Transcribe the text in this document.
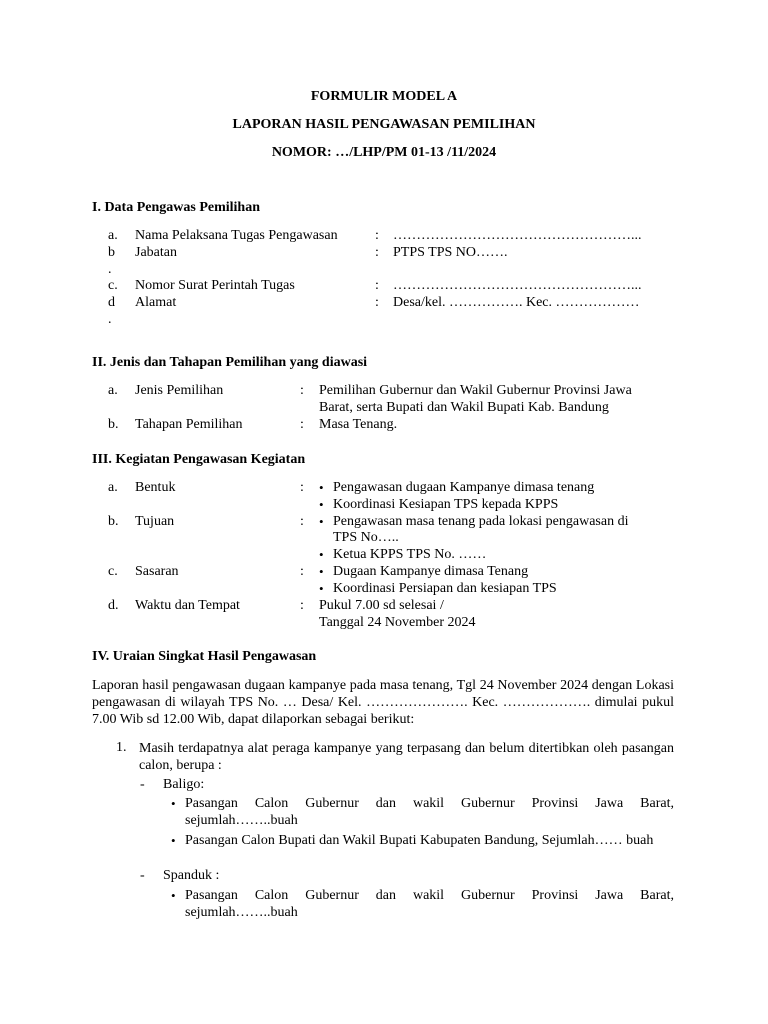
FORMULIR MODEL A
LAPORAN HASIL PENGAWASAN PEMILIHAN
NOMOR: …/LHP/PM 01-13 /11/2024
I. Data Pengawas Pemilihan
a. Nama Pelaksana Tugas Pengawasan	: ……………………………………………...
b Jabatan	: PTPS TPS NO…….
.
c. Nomor Surat Perintah Tugas	: ……………………………………………...
d Alamat	: Desa/kel. ……………. Kec. ………………
.
II. Jenis dan Tahapan Pemilihan yang diawasi
a. Jenis Pemilihan	: Pemilihan Gubernur dan Wakil Gubernur Provinsi Jawa
Barat, serta Bupati dan Wakil Bupati Kab. Bandung
b. Tahapan Pemilihan	: Masa Tenang.
III. Kegiatan Pengawasan Kegiatan
a. Bentuk	: • Pengawasan dugaan Kampanye dimasa tenang
• Koordinasi Kesiapan TPS kepada KPPS
b. Tujuan	: • Pengawasan masa tenang pada lokasi pengawasan di
TPS No…..
• Ketua KPPS TPS No. ……
c. Sasaran	: • Dugaan Kampanye dimasa Tenang
• Koordinasi Persiapan dan kesiapan TPS
d. Waktu dan Tempat	: Pukul 7.00 sd selesai /
Tanggal 24 November 2024
IV. Uraian Singkat Hasil Pengawasan
Laporan hasil pengawasan dugaan kampanye pada masa tenang, Tgl 24 November 2024 dengan Lokasi pengawasan di wilayah TPS No. … Desa/ Kel. …………………. Kec. ………………. dimulai pukul 7.00 Wib sd 12.00 Wib, dapat dilaporkan sebagai berikut:
1. Masih terdapatnya alat peraga kampanye yang terpasang dan belum ditertibkan oleh pasangan calon, berupa :
- Baligo:
• Pasangan Calon Gubernur dan wakil Gubernur Provinsi Jawa Barat, sejumlah……..buah
• Pasangan Calon Bupati dan Wakil Bupati Kabupaten Bandung, Sejumlah…… buah
- Spanduk :
• Pasangan Calon Gubernur dan wakil Gubernur Provinsi Jawa Barat, sejumlah……..buah
